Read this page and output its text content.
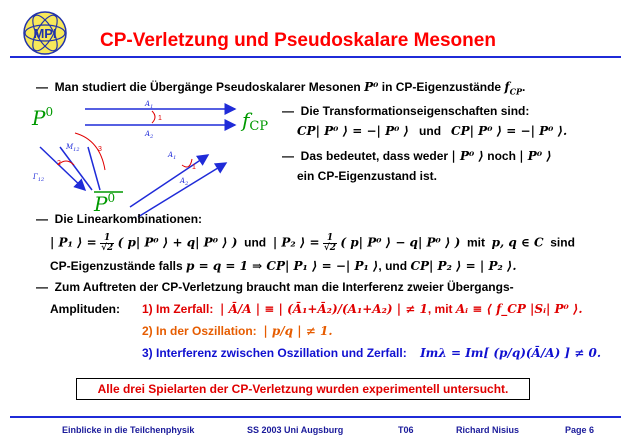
MPI CP-Verletzung und Pseudoskalare Mesonen
— Man studiert die Übergänge Pseudoskalarer Mesonen P⁰ in CP-Eigenzustände $f_{CP}$.
$P^0$	fCP
$A_1$
$A_2$
1
$M_{12}$
$\Gamma_{12}$
2
3
$A_1$
$A_2$
1
$P^0$
— Die Transformationseigenschaften sind:
CP| P⁰ ⟩ = −| P⁰ ⟩ und CP| P⁰ ⟩ = −| P⁰ ⟩.
— Das bedeutet, dass weder | P⁰ ⟩ noch | P⁰ ⟩
ein CP-Eigenzustand ist.
— Die Linearkombinationen:
| P₁ ⟩ = $\frac{1}{√2}$ ( p| P⁰ ⟩ + q| P⁰ ⟩ ) und | P₂ ⟩ = $\frac{1}{√2}$ ( p| P⁰ ⟩ − q| P⁰ ⟩ ) mit p, q ∈ C sind
CP-Eigenzustände falls p = q = 1 ⇒ CP| P₁ ⟩ = −| P₁ ⟩, und CP| P₂ ⟩ = | P₂ ⟩.
— Zum Auftreten der CP-Verletzung braucht man die Interferenz zweier Übergangs-
Amplituden: 1) Im Zerfall: | Ā/A | ≡ | (Ā₁+Ā₂)/(A₁+A₂) | ≠ 1, mit Aᵢ ≡ ⟨ f_CP |Sᵢ| P⁰ ⟩.
2) In der Oszillation: | p/q | ≠ 1.
3) Interferenz zwischen Oszillation und Zerfall: Imλ = Im[ (p/q)(Ā/A) ] ≠ 0.
Alle drei Spielarten der CP-Verletzung wurden experimentell untersucht.
Einblicke in die Teilchenphysik	SS 2003 Uni Augsburg	T06	Richard Nisius	Page 6
